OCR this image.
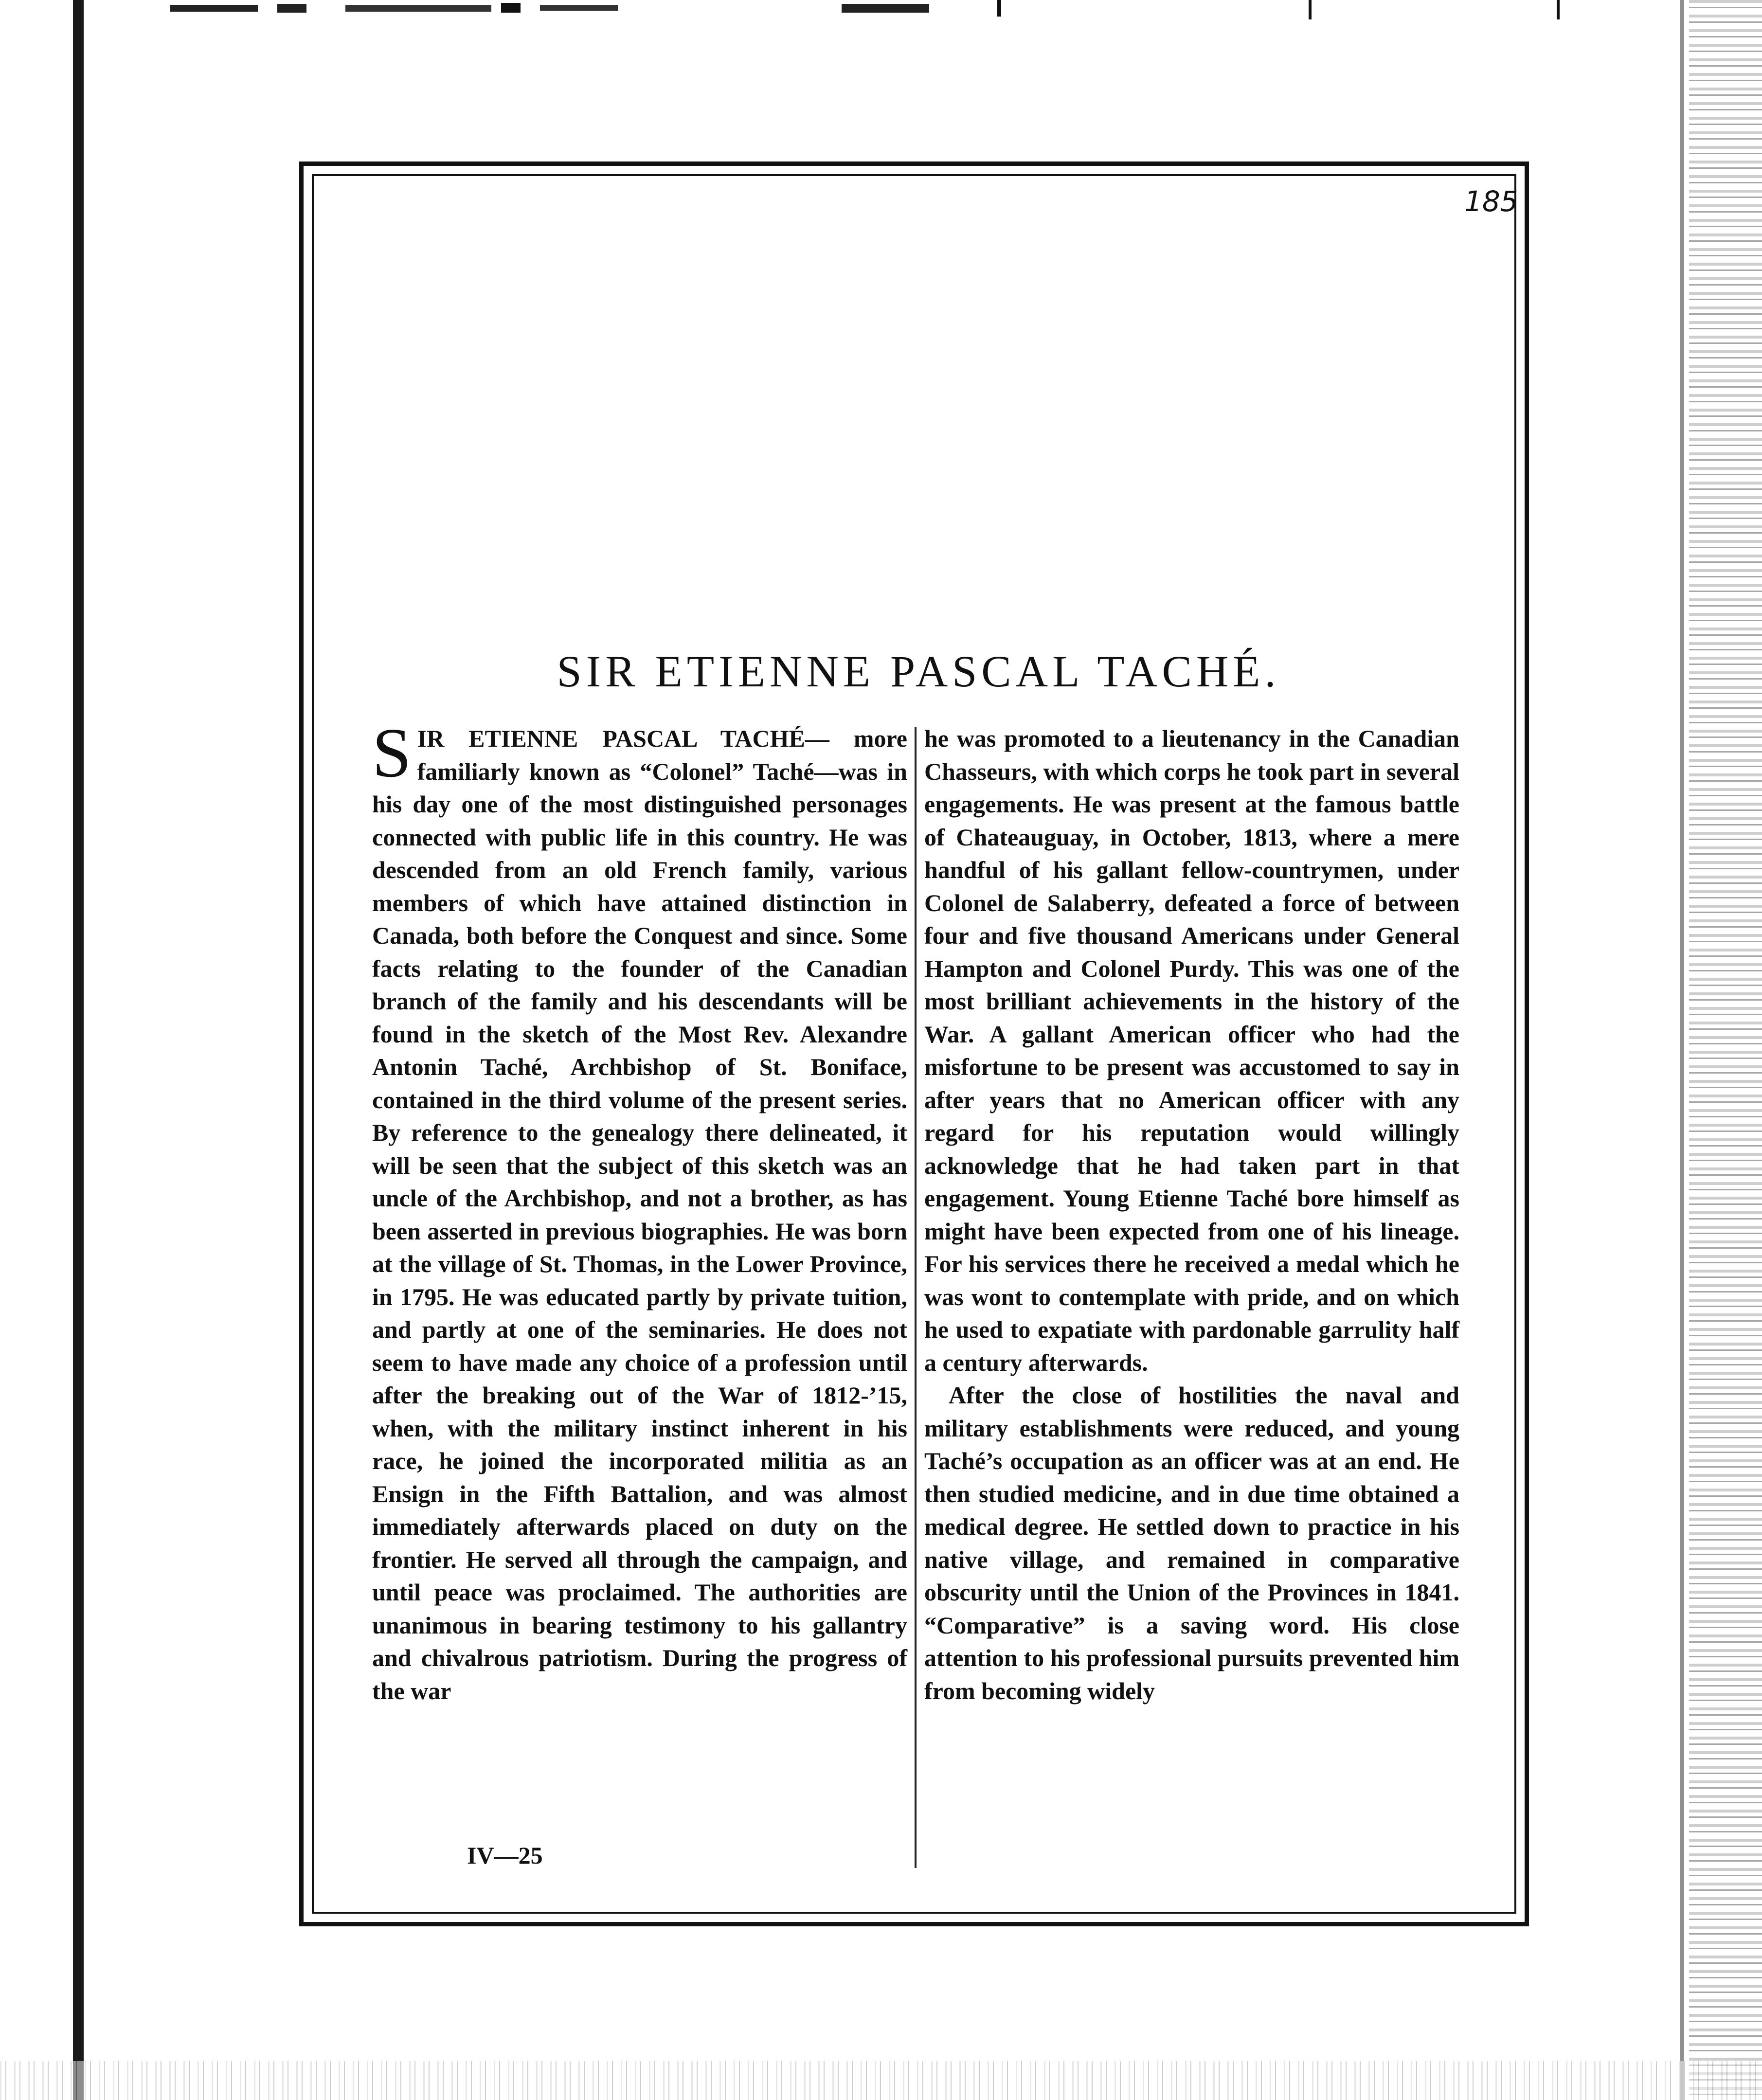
185
SIR ETIENNE PASCAL TACHÉ.

SIR ETIENNE PASCAL TACHÉ— more familiarly known as “Colonel” Taché—was in his day one of the most distinguished personages connected with public life in this country. He was descended from an old French family, various members of which have attained distinction in Canada, both before the Conquest and since. Some facts relating to the founder of the Canadian branch of the family and his descendants will be found in the sketch of the Most Rev. Alexandre Antonin Taché, Archbishop of St. Boniface, contained in the third volume of the present series. By reference to the genealogy there delineated, it will be seen that the subject of this sketch was an uncle of the Archbishop, and not a brother, as has been asserted in previous biographies. He was born at the village of St. Thomas, in the Lower Province, in 1795. He was educated partly by private tuition, and partly at one of the seminaries. He does not seem to have made any choice of a profession until after the breaking out of the War of 1812-’15, when, with the military instinct inherent in his race, he joined the incorporated militia as an Ensign in the Fifth Battalion, and was almost immediately afterwards placed on duty on the frontier. He served all through the campaign, and until peace was proclaimed. The authorities are unanimous in bearing testimony to his gallantry and chivalrous patriotism. During the progress of the war

he was promoted to a lieutenancy in the Canadian Chasseurs, with which corps he took part in several engagements. He was present at the famous battle of Chateauguay, in October, 1813, where a mere handful of his gallant fellow-countrymen, under Colonel de Salaberry, defeated a force of between four and five thousand Americans under General Hampton and Colonel Purdy. This was one of the most brilliant achievements in the history of the War. A gallant American officer who had the misfortune to be present was accustomed to say in after years that no American officer with any regard for his reputation would willingly acknowledge that he had taken part in that engagement. Young Etienne Taché bore himself as might have been expected from one of his lineage. For his services there he received a medal which he was wont to contemplate with pride, and on which he used to expatiate with pardonable garrulity half a century afterwards.

After the close of hostilities the naval and military establishments were reduced, and young Taché’s occupation as an officer was at an end. He then studied medicine, and in due time obtained a medical degree. He settled down to practice in his native village, and remained in comparative obscurity until the Union of the Provinces in 1841. “Comparative” is a saving word. His close attention to his professional pursuits prevented him from becoming widely

IV—25
